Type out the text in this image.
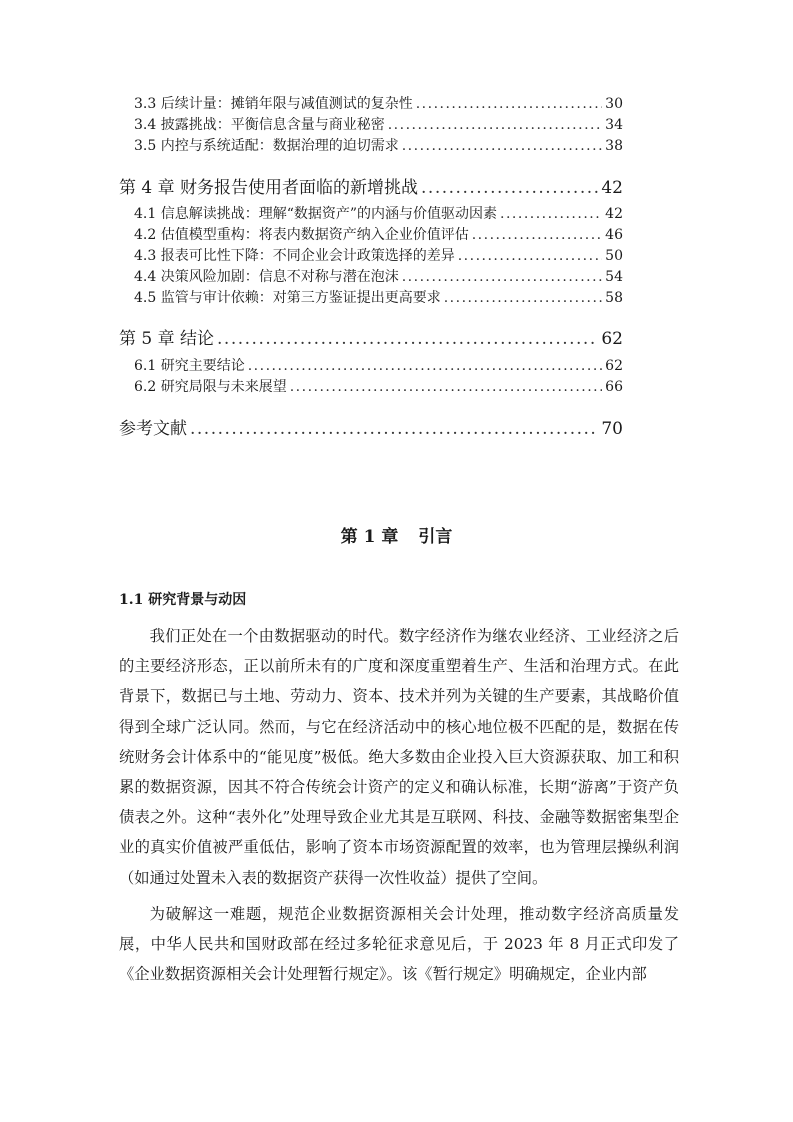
3.3 后续计量：摊销年限与减值测试的复杂性 .....	30
3.4 披露挑战：平衡信息含量与商业秘密 .....	34
3.5 内控与系统适配：数据治理的迫切需求 .....	38
第 4 章 财务报告使用者面临的新增挑战 .....	42
4.1 信息解读挑战：理解“数据资产”的内涵与价值驱动因素 .....	42
4.2 估值模型重构：将表内数据资产纳入企业价值评估 .....	46
4.3 报表可比性下降：不同企业会计政策选择的差异 .....	50
4.4 决策风险加剧：信息不对称与潜在泡沫 .....	54
4.5 监管与审计依赖：对第三方鉴证提出更高要求 .....	58
第 5 章 结论 .....	62
6.1 研究主要结论 .....	62
6.2 研究局限与未来展望 .....	66
参考文献 .....	70
第 1 章 引言
1.1 研究背景与动因

我们正处在一个由数据驱动的时代。数字经济作为继农业经济、工业经济之后的主要经济形态，正以前所未有的广度和深度重塑着生产、生活和治理方式。在此背景下，数据已与土地、劳动力、资本、技术并列为关键的生产要素，其战略价值得到全球广泛认同。然而，与它在经济活动中的核心地位极不匹配的是，数据在传统财务会计体系中的“能见度”极低。绝大多数由企业投入巨大资源获取、加工和积累的数据资源，因其不符合传统会计资产的定义和确认标准，长期“游离”于资产负债表之外。这种“表外化”处理导致企业尤其是互联网、科技、金融等数据密集型企业的真实价值被严重低估，影响了资本市场资源配置的效率，也为管理层操纵利润（如通过处置未入表的数据资产获得一次性收益）提供了空间。

为破解这一难题，规范企业数据资源相关会计处理，推动数字经济高质量发展，中华人民共和国财政部在经过多轮征求意见后，于 2023 年 8 月正式印发了《企业数据资源相关会计处理暂行规定》。该《暂行规定》明确规定，企业内部
